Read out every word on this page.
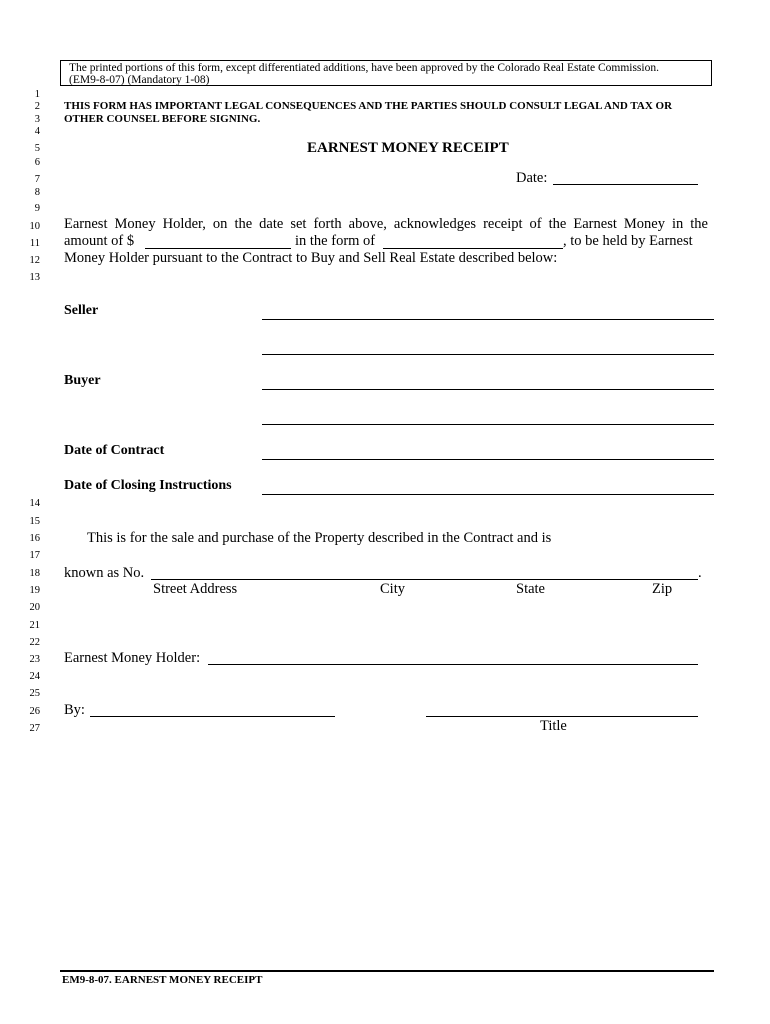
The printed portions of this form, except differentiated additions, have been approved by the Colorado Real Estate Commission.
(EM9-8-07) (Mandatory 1-08)
1
2
3
4
5
6
7
8
9
10
11
12
13
14
15
16
17
18
19
20
21
22
23
24
25
26
27
THIS FORM HAS IMPORTANT LEGAL CONSEQUENCES AND THE PARTIES SHOULD CONSULT LEGAL AND TAX OR
OTHER COUNSEL BEFORE SIGNING.
EARNEST MONEY RECEIPT
Date:
Earnest Money Holder, on the date set forth above, acknowledges receipt of the Earnest Money in the
amount of $	in the form of	, to be held by Earnest
Money Holder pursuant to the Contract to Buy and Sell Real Estate described below:
Seller
Buyer
Date of Contract
Date of Closing Instructions
This is for the sale and purchase of the Property described in the Contract and is
known as No.	.
Street Address	City	State	Zip
Earnest Money Holder:
By:
Title
EM9-8-07. EARNEST MONEY RECEIPT
